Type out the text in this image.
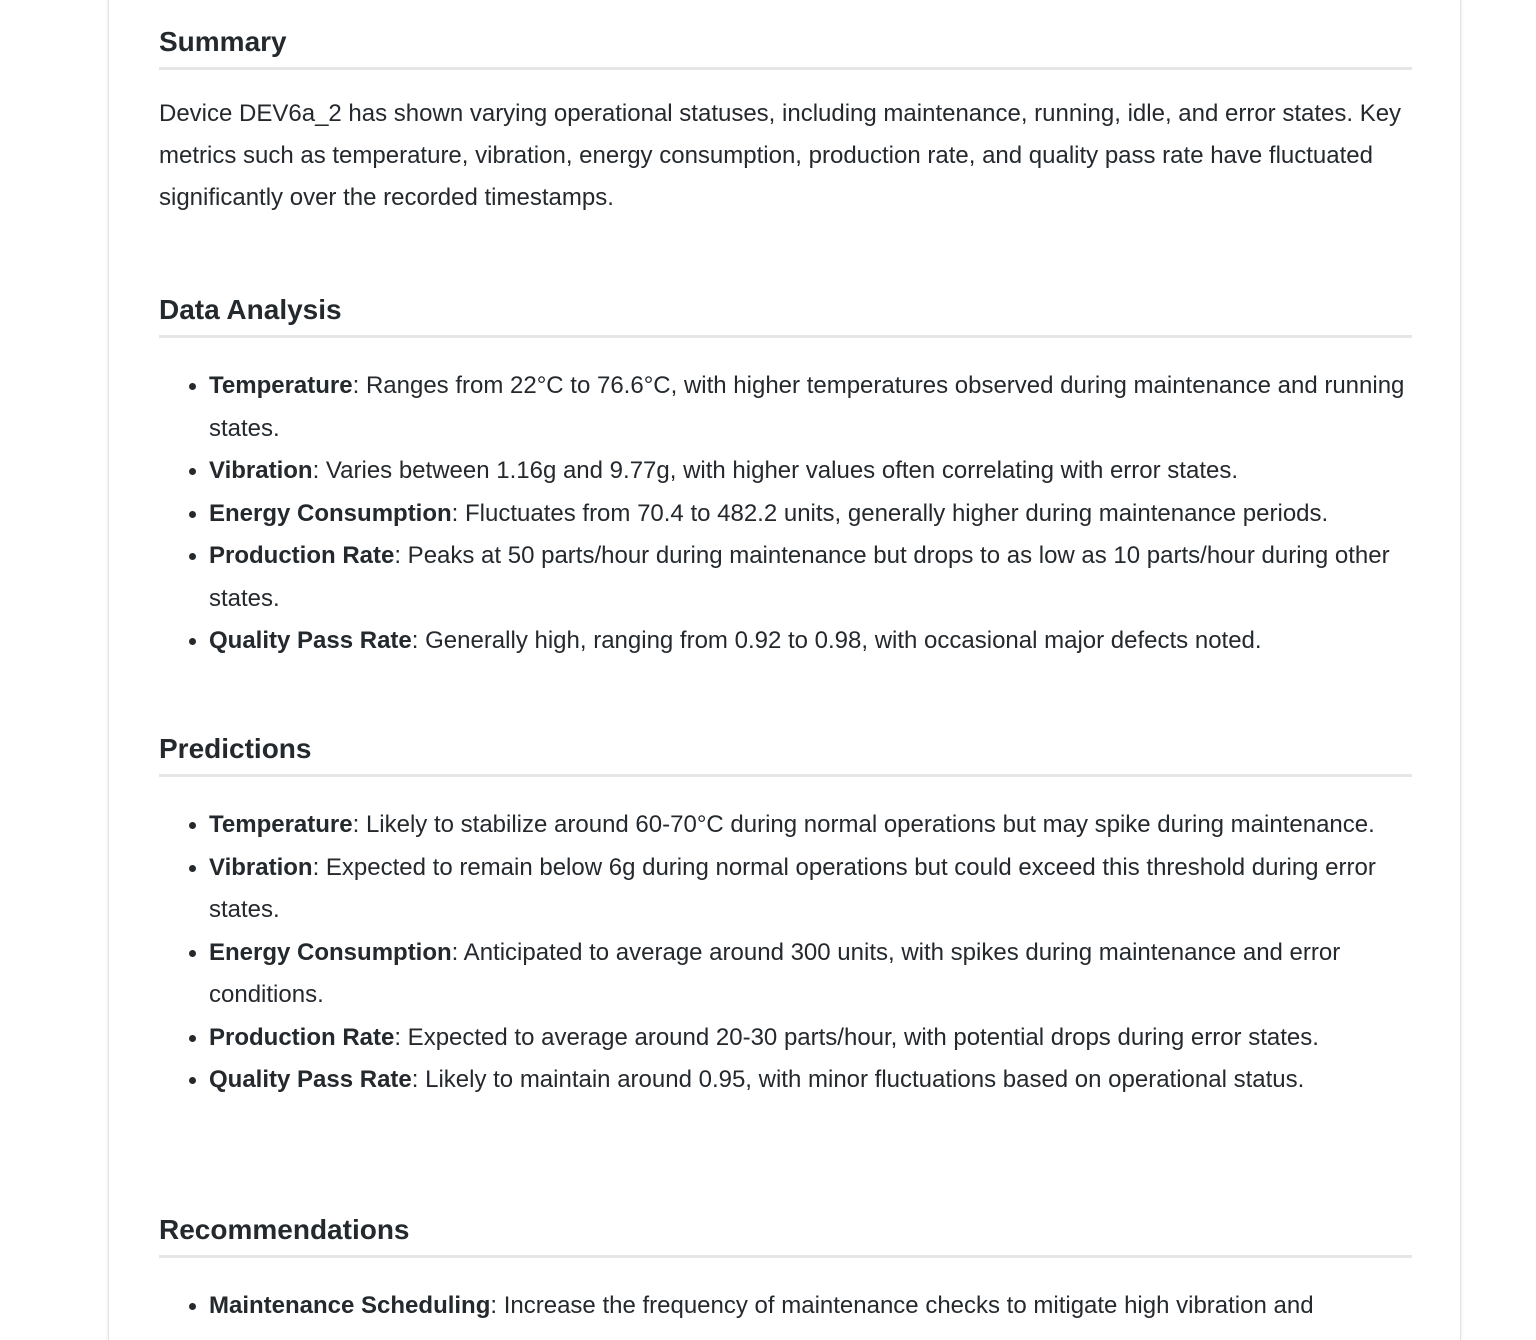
Summary

Device DEV6a_2 has shown varying operational statuses, including maintenance, running, idle, and error states. Key metrics such as temperature, vibration, energy consumption, production rate, and quality pass rate have fluctuated significantly over the recorded timestamps.

Data Analysis
Temperature: Ranges from 22°C to 76.6°C, with higher temperatures observed during maintenance and running states.
Vibration: Varies between 1.16g and 9.77g, with higher values often correlating with error states.
Energy Consumption: Fluctuates from 70.4 to 482.2 units, generally higher during maintenance periods.
Production Rate: Peaks at 50 parts/hour during maintenance but drops to as low as 10 parts/hour during other states.
Quality Pass Rate: Generally high, ranging from 0.92 to 0.98, with occasional major defects noted.
Predictions
Temperature: Likely to stabilize around 60-70°C during normal operations but may spike during maintenance.
Vibration: Expected to remain below 6g during normal operations but could exceed this threshold during error states.
Energy Consumption: Anticipated to average around 300 units, with spikes during maintenance and error conditions.
Production Rate: Expected to average around 20-30 parts/hour, with potential drops during error states.
Quality Pass Rate: Likely to maintain around 0.95, with minor fluctuations based on operational status.
Recommendations
Maintenance Scheduling: Increase the frequency of maintenance checks to mitigate high vibration and
